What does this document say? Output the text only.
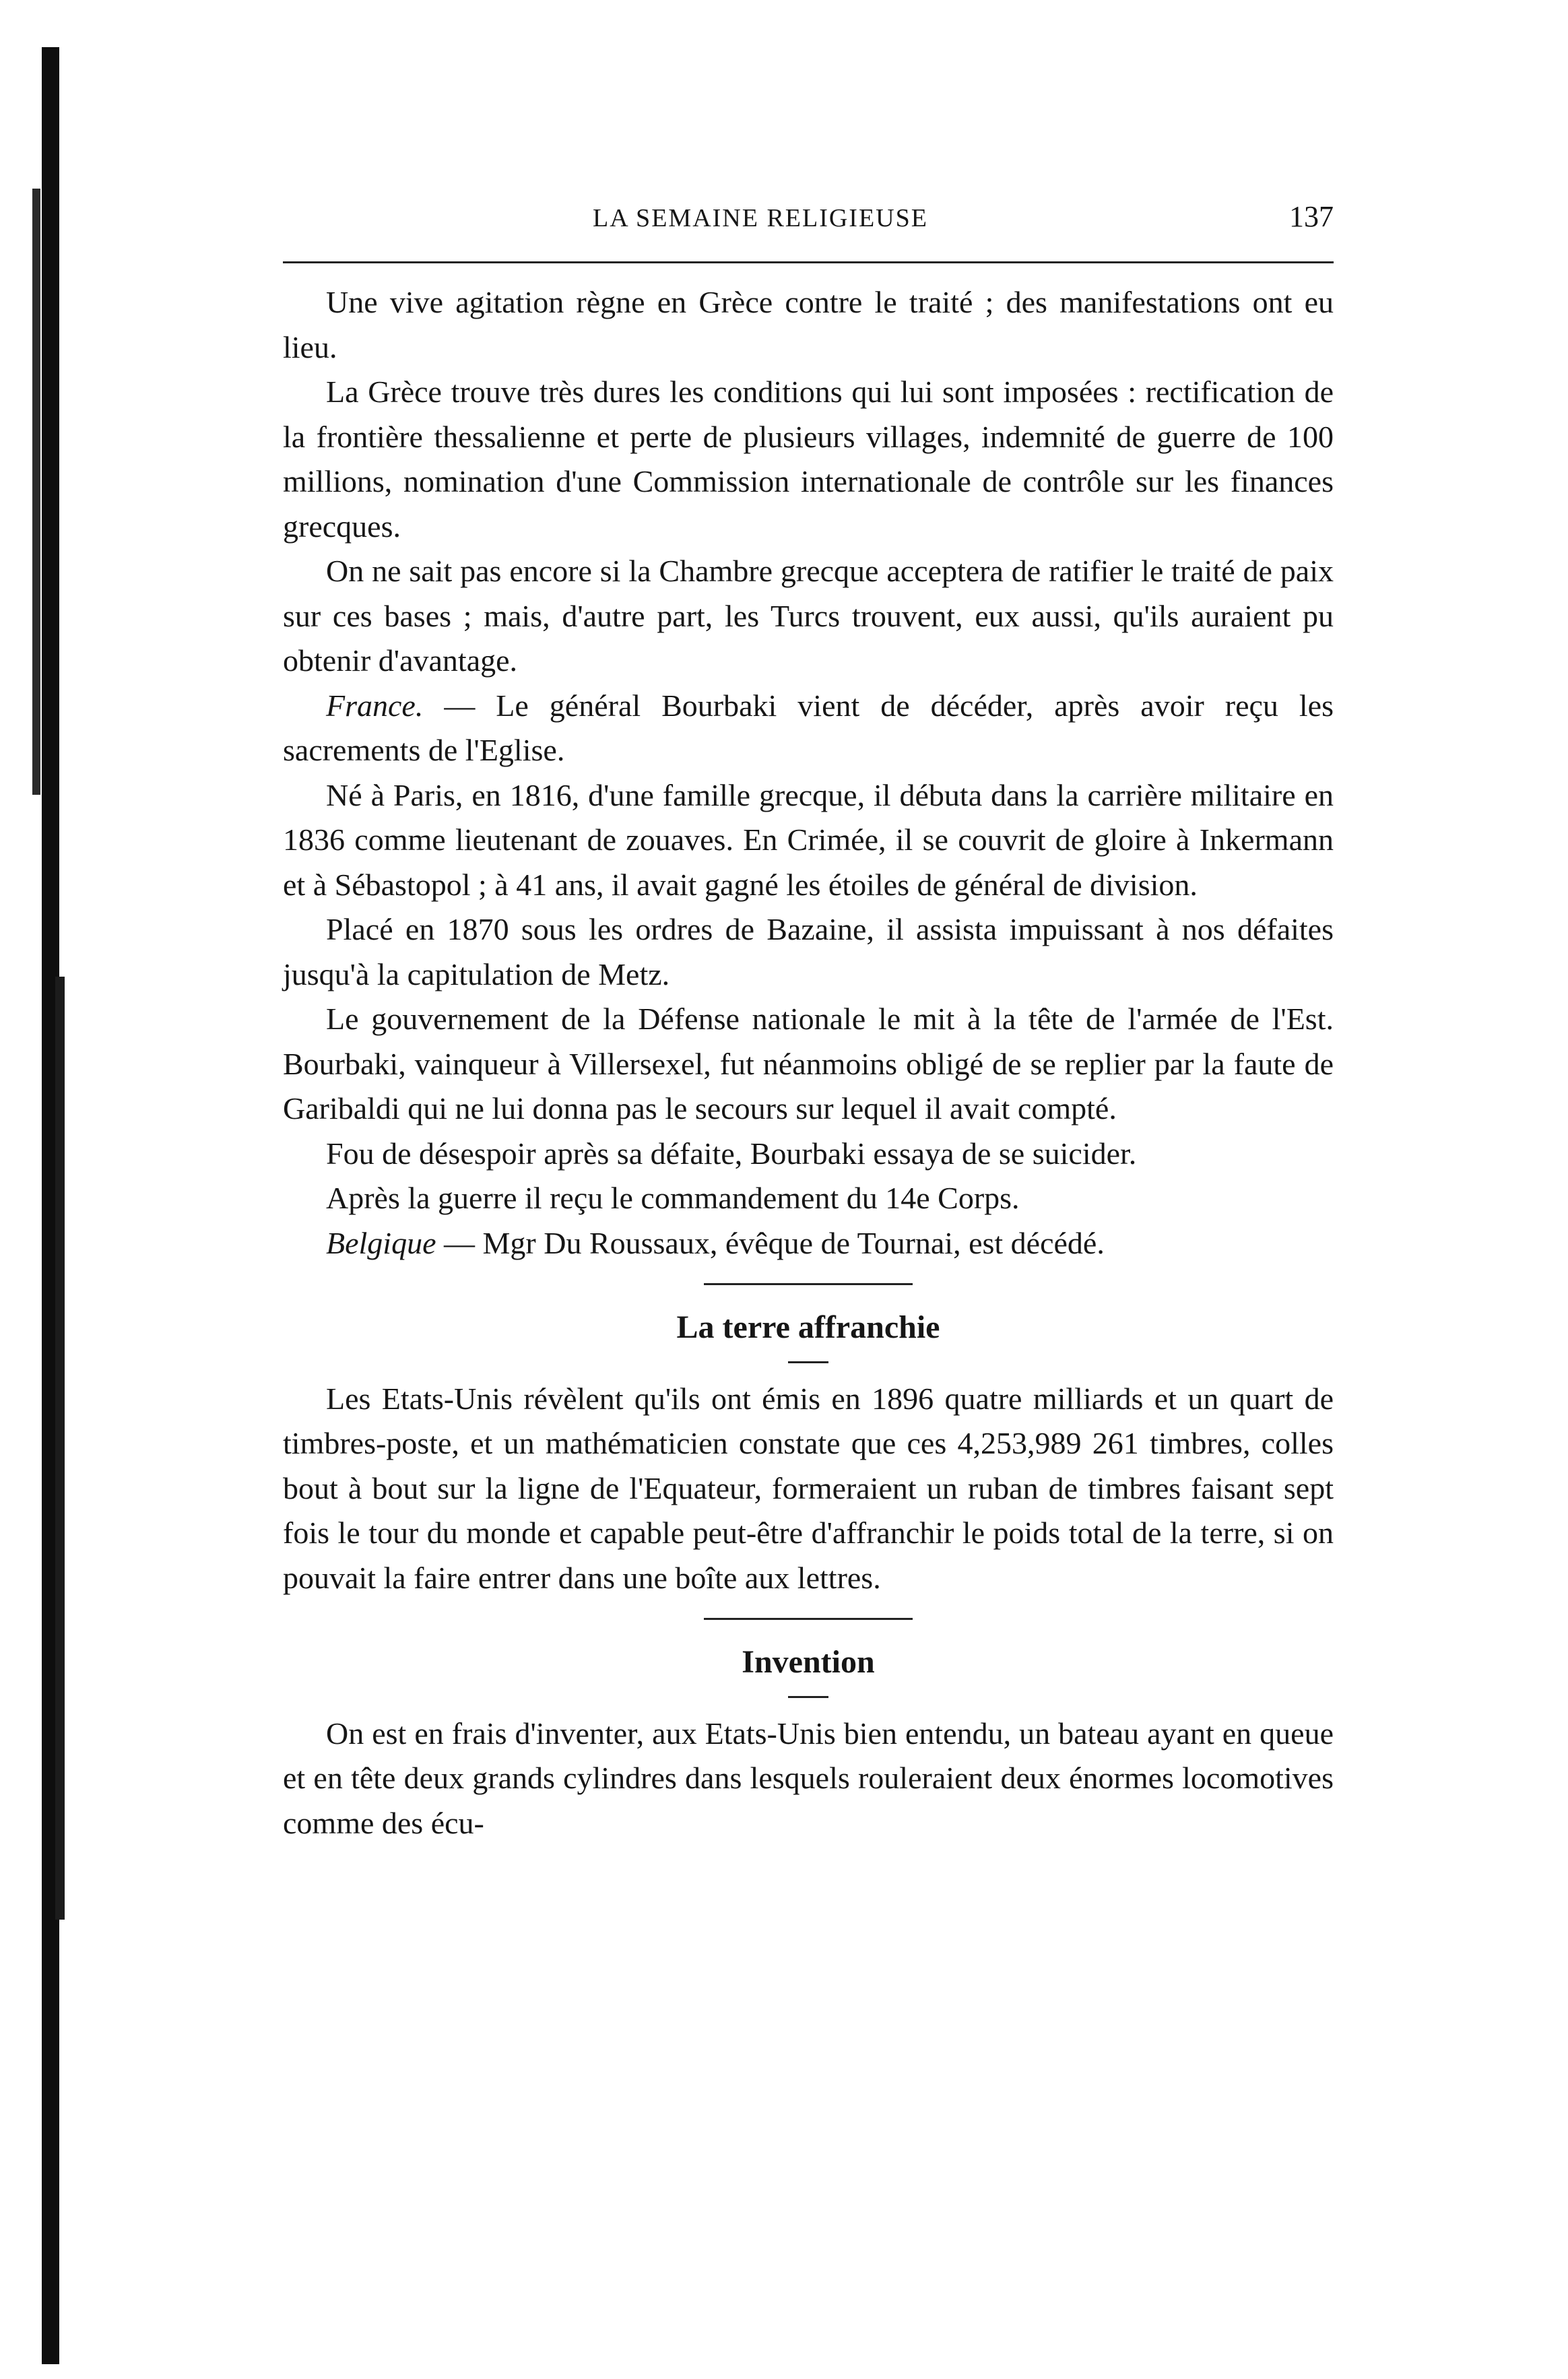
LA SEMAINE RELIGIEUSE	137

Une vive agitation règne en Grèce contre le traité ; des manifestations ont eu lieu.

La Grèce trouve très dures les conditions qui lui sont imposées : rectification de la frontière thessalienne et perte de plusieurs villages, indemnité de guerre de 100 millions, nomination d'une Commission internationale de contrôle sur les finances grecques.

On ne sait pas encore si la Chambre grecque acceptera de ratifier le traité de paix sur ces bases ; mais, d'autre part, les Turcs trouvent, eux aussi, qu'ils auraient pu obtenir d'avantage.

France. — Le général Bourbaki vient de décéder, après avoir reçu les sacrements de l'Eglise.

Né à Paris, en 1816, d'une famille grecque, il débuta dans la carrière militaire en 1836 comme lieutenant de zouaves. En Crimée, il se couvrit de gloire à Inkermann et à Sébastopol ; à 41 ans, il avait gagné les étoiles de général de division.

Placé en 1870 sous les ordres de Bazaine, il assista impuissant à nos défaites jusqu'à la capitulation de Metz.

Le gouvernement de la Défense nationale le mit à la tête de l'armée de l'Est. Bourbaki, vainqueur à Villersexel, fut néanmoins obligé de se replier par la faute de Garibaldi qui ne lui donna pas le secours sur lequel il avait compté.

Fou de désespoir après sa défaite, Bourbaki essaya de se suicider.

Après la guerre il reçu le commandement du 14e Corps.

Belgique — Mgr Du Roussaux, évêque de Tournai, est décédé.

La terre affranchie

Les Etats-Unis révèlent qu'ils ont émis en 1896 quatre milliards et un quart de timbres-poste, et un mathématicien constate que ces 4,253,989 261 timbres, colles bout à bout sur la ligne de l'Equateur, formeraient un ruban de timbres faisant sept fois le tour du monde et capable peut-être d'affranchir le poids total de la terre, si on pouvait la faire entrer dans une boîte aux lettres.

Invention

On est en frais d'inventer, aux Etats-Unis bien entendu, un bateau ayant en queue et en tête deux grands cylindres dans lesquels rouleraient deux énormes locomotives comme des écu-
